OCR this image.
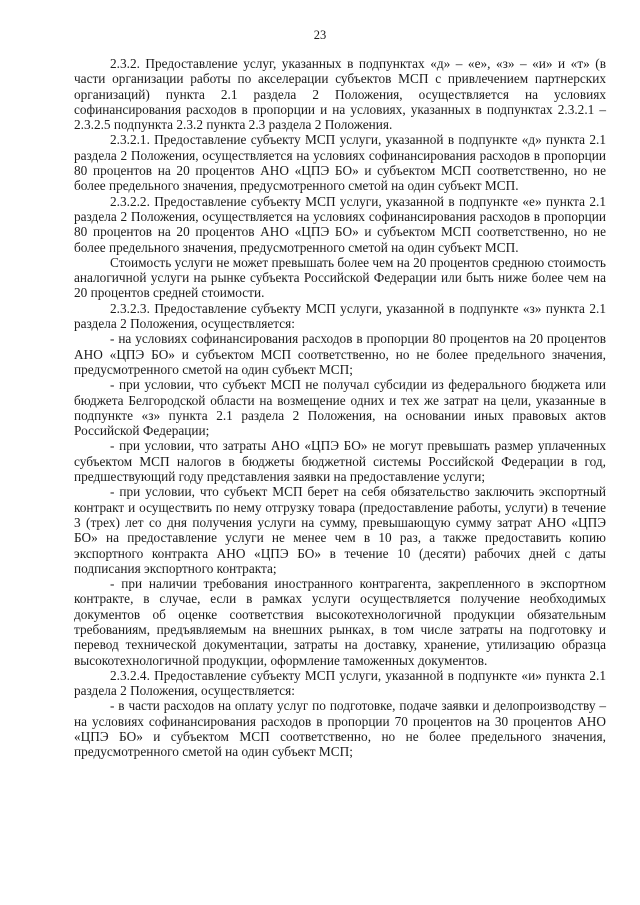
23

2.3.2. Предоставление услуг, указанных в подпунктах «д» – «е», «з» – «и» и «т» (в части организации работы по акселерации субъектов МСП с привлечением партнерских организаций) пункта 2.1 раздела 2 Положения, осуществляется на условиях софинансирования расходов в пропорции и на условиях, указанных в подпунктах 2.3.2.1 – 2.3.2.5 подпункта 2.3.2 пункта 2.3 раздела 2 Положения.

2.3.2.1. Предоставление субъекту МСП услуги, указанной в подпункте «д» пункта 2.1 раздела 2 Положения, осуществляется на условиях софинансирования расходов в пропорции 80 процентов на 20 процентов АНО «ЦПЭ БО» и субъектом МСП соответственно, но не более предельного значения, предусмотренного сметой на один субъект МСП.

2.3.2.2. Предоставление субъекту МСП услуги, указанной в подпункте «е» пункта 2.1 раздела 2 Положения, осуществляется на условиях софинансирования расходов в пропорции 80 процентов на 20 процентов АНО «ЦПЭ БО» и субъектом МСП соответственно, но не более предельного значения, предусмотренного сметой на один субъект МСП.

Стоимость услуги не может превышать более чем на 20 процентов среднюю стоимость аналогичной услуги на рынке субъекта Российской Федерации или быть ниже более чем на 20 процентов средней стоимости.

2.3.2.3. Предоставление субъекту МСП услуги, указанной в подпункте «з» пункта 2.1 раздела 2 Положения, осуществляется:

- на условиях софинансирования расходов в пропорции 80 процентов на 20 процентов АНО «ЦПЭ БО» и субъектом МСП соответственно, но не более предельного значения, предусмотренного сметой на один субъект МСП;

- при условии, что субъект МСП не получал субсидии из федерального бюджета или бюджета Белгородской области на возмещение одних и тех же затрат на цели, указанные в подпункте «з» пункта 2.1 раздела 2 Положения, на основании иных правовых актов Российской Федерации;

- при условии, что затраты АНО «ЦПЭ БО» не могут превышать размер уплаченных субъектом МСП налогов в бюджеты бюджетной системы Российской Федерации в год, предшествующий году представления заявки на предоставление услуги;

- при условии, что субъект МСП берет на себя обязательство заключить экспортный контракт и осуществить по нему отгрузку товара (предоставление работы, услуги) в течение 3 (трех) лет со дня получения услуги на сумму, превышающую сумму затрат АНО «ЦПЭ БО» на предоставление услуги не менее чем в 10 раз, а также предоставить копию экспортного контракта АНО «ЦПЭ БО» в течение 10 (десяти) рабочих дней с даты подписания экспортного контракта;

- при наличии требования иностранного контрагента, закрепленного в экспортном контракте, в случае, если в рамках услуги осуществляется получение необходимых документов об оценке соответствия высокотехнологичной продукции обязательным требованиям, предъявляемым на внешних рынках, в том числе затраты на подготовку и перевод технической документации, затраты на доставку, хранение, утилизацию образца высокотехнологичной продукции, оформление таможенных документов.

2.3.2.4. Предоставление субъекту МСП услуги, указанной в подпункте «и» пункта 2.1 раздела 2 Положения, осуществляется:

- в части расходов на оплату услуг по подготовке, подаче заявки и делопроизводству – на условиях софинансирования расходов в пропорции 70 процентов на 30 процентов АНО «ЦПЭ БО» и субъектом МСП соответственно, но не более предельного значения, предусмотренного сметой на один субъект МСП;
